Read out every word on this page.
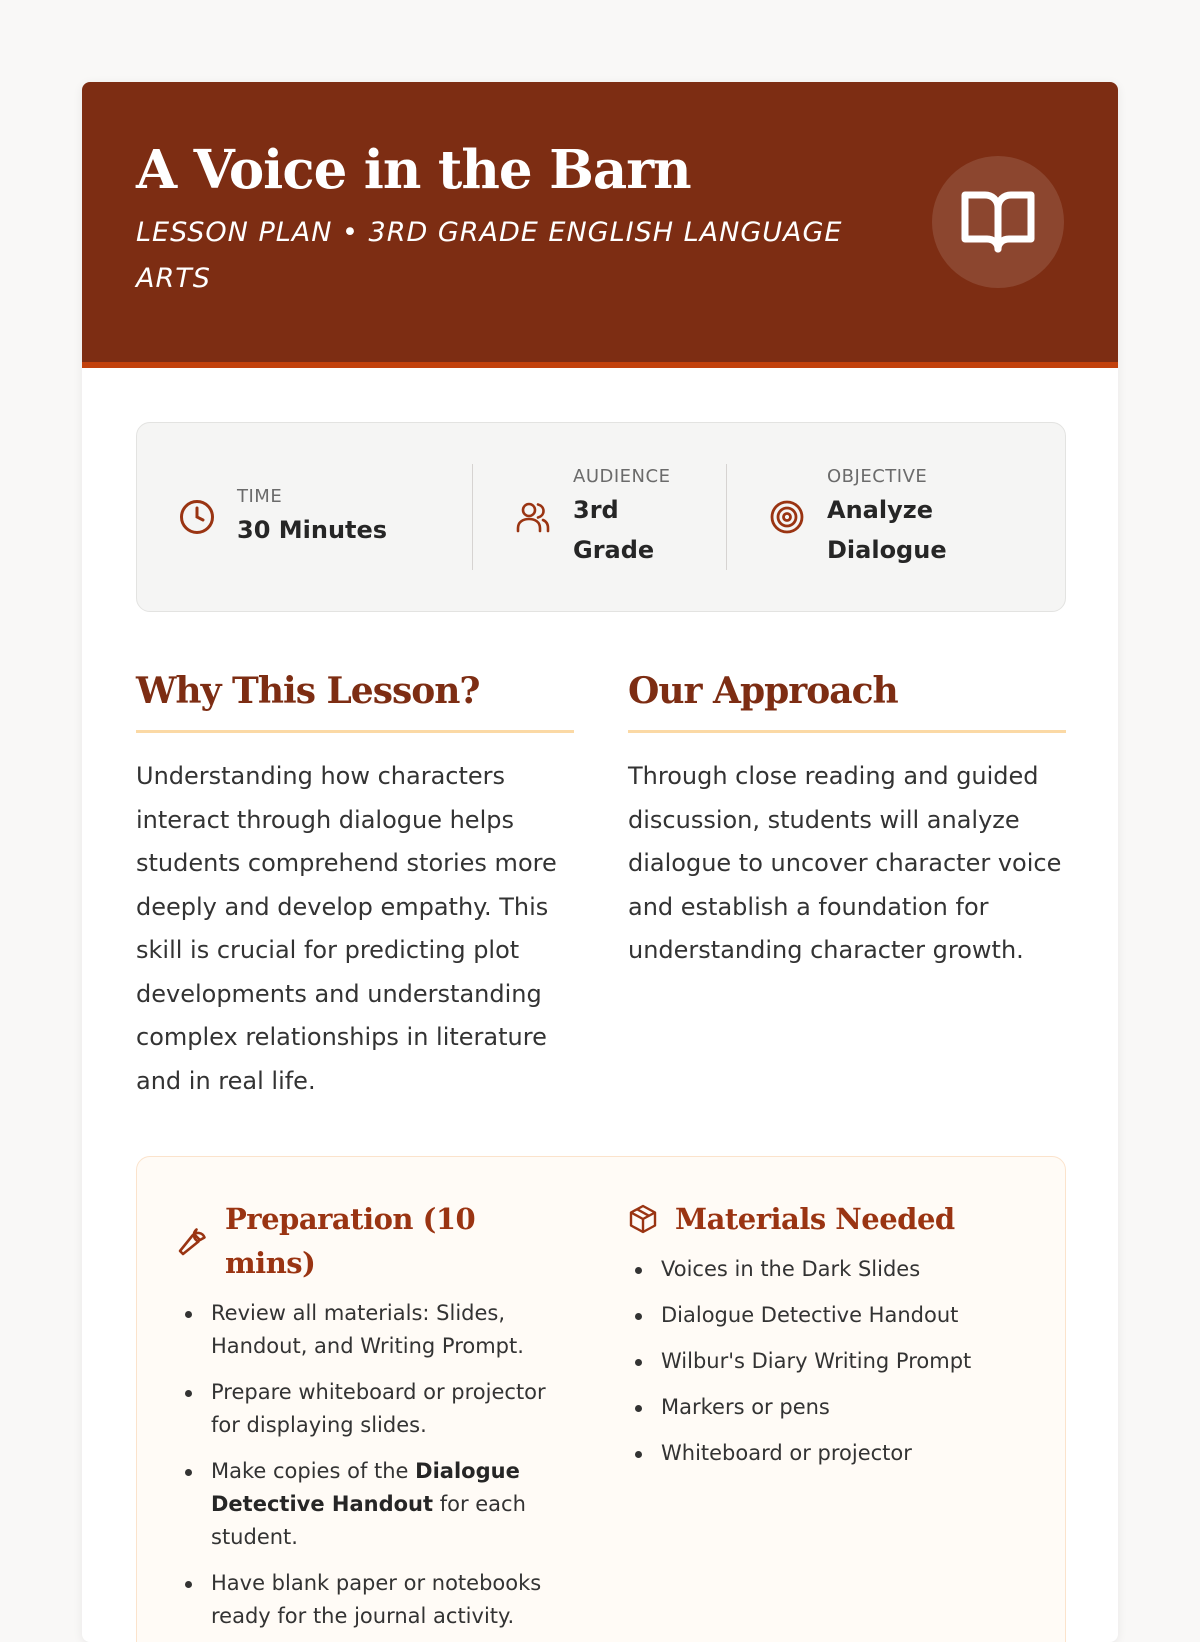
A Voice in the Barn
LESSON PLAN • 3RD GRADE ENGLISH LANGUAGE ARTS
TIME
30 Minutes
AUDIENCE
3rd Grade
OBJECTIVE
Analyze Dialogue
Why This Lesson?

Understanding how characters interact through dialogue helps students comprehend stories more deeply and develop empathy. This skill is crucial for predicting plot developments and understanding complex relationships in literature and in real life.

Our Approach

Through close reading and guided discussion, students will analyze dialogue to uncover character voice and establish a foundation for understanding character growth.

Preparation (10 mins)
Review all materials: Slides, Handout, and Writing Prompt.
Prepare whiteboard or projector for displaying slides.
Make copies of the Dialogue Detective Handout for each student.
Have blank paper or notebooks ready for the journal activity.
Materials Needed
Voices in the Dark Slides
Dialogue Detective Handout
Wilbur's Diary Writing Prompt
Markers or pens
Whiteboard or projector
